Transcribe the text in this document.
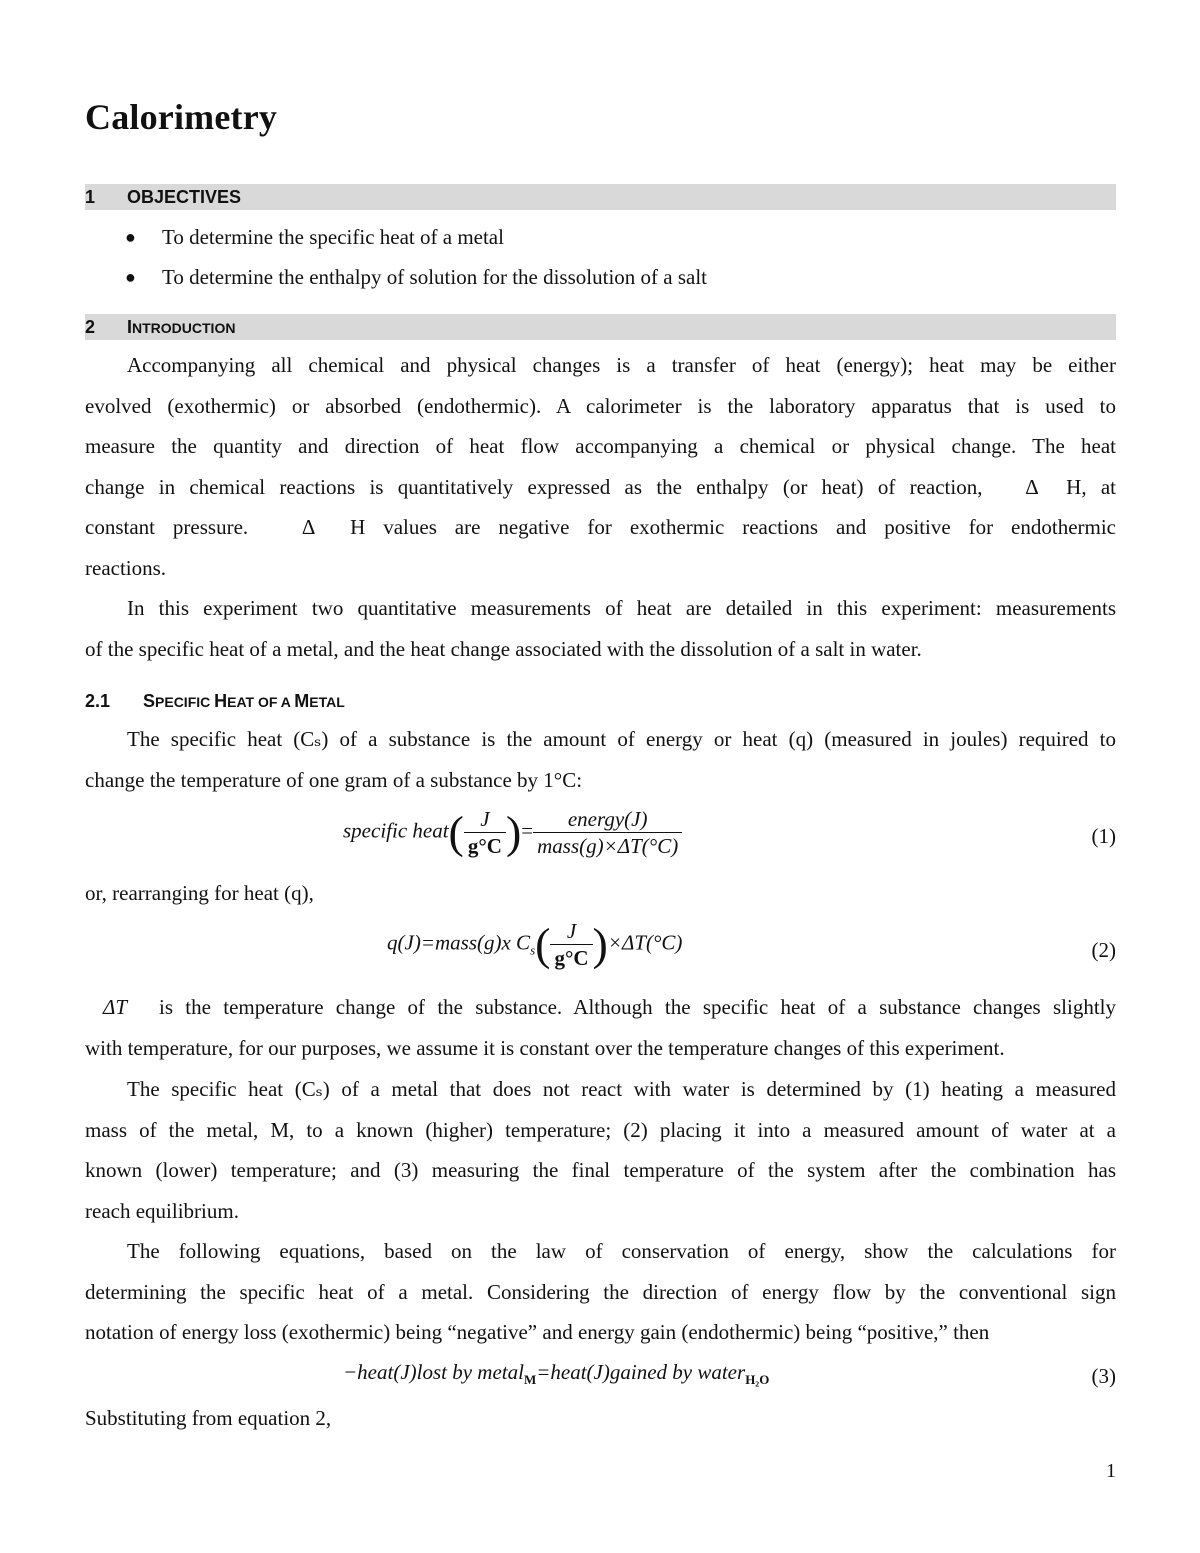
Calorimetry
1 OBJECTIVES
● To determine the specific heat of a metal
● To determine the enthalpy of solution for the dissolution of a salt
2 INTRODUCTION
Accompanying all chemical and physical changes is a transfer of heat (energy); heat may be either
evolved (exothermic) or absorbed (endothermic). A calorimeter is the laboratory apparatus that is used to
measure the quantity and direction of heat flow accompanying a chemical or physical change. The heat
change in chemical reactions is quantitatively expressed as the enthalpy (or heat) of reaction,   Δ  H, at
constant pressure.   Δ  H values are negative for exothermic reactions and positive for endothermic
reactions.
In this experiment two quantitative measurements of heat are detailed in this experiment: measurements
of the specific heat of a metal, and the heat change associated with the dissolution of a salt in water.
2.1 SPECIFIC HEAT OF A METAL
The specific heat (Cₛ) of a substance is the amount of energy or heat (q) (measured in joules) required to
change the temperature of one gram of a substance by 1°C:
specific heat( $\frac{J}{g^\circ C}$ )= $\frac{\text{energy(J)}}{\text{mass(g)×ΔT(°C)}}$	(1)
or, rearranging for heat (q),
q(J)=mass(g)x $C_s( \frac{J}{g^\circ C} )\times\Delta T(^\circ C)$	(2)
ΔT is the temperature change of the substance. Although the specific heat of a substance changes slightly

with temperature, for our purposes, we assume it is constant over the temperature changes of this experiment.
The specific heat (Cₛ) of a metal that does not react with water is determined by (1) heating a measured
mass of the metal, M, to a known (higher) temperature; (2) placing it into a measured amount of water at a
known (lower) temperature; and (3) measuring the final temperature of the system after the combination has
reach equilibrium.
The following equations, based on the law of conservation of energy, show the calculations for
determining the specific heat of a metal. Considering the direction of energy flow by the conventional sign
notation of energy loss (exothermic) being “negative” and energy gain (endothermic) being “positive,” then
−heat(J)lost by metal$_M$=heat(J)gained by water$_{H_2O}$	(3)
Substituting from equation 2,
1
